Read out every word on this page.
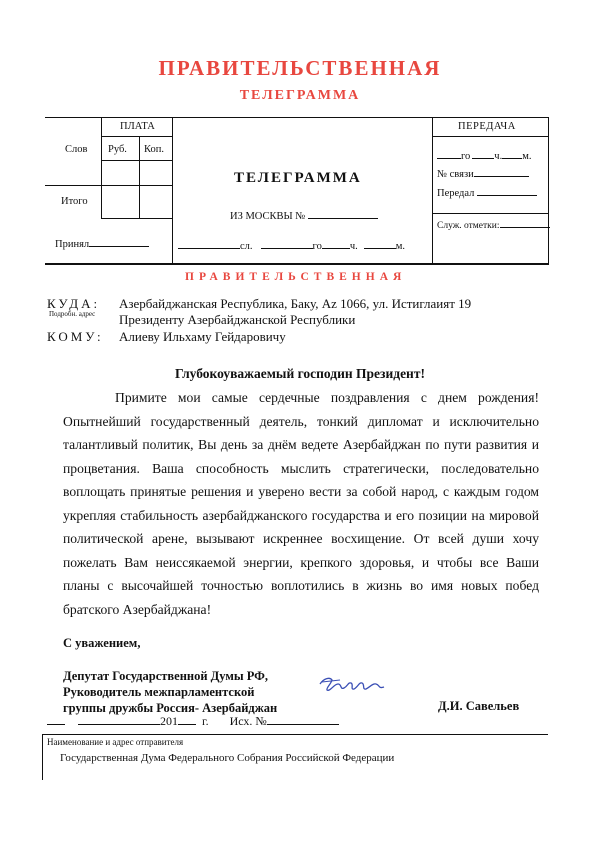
ПРАВИТЕЛЬСТВЕННАЯ
ТЕЛЕГРАММА
ПЛАТА
Слов Руб. Коп.
Итого
Принял
ТЕЛЕГРАММА
ИЗ МОСКВЫ №
сл.	го	ч.	м.
ПЕРЕДАЧА
го ч. м.
№ связи
Передал
Служ. отметки:
ПРАВИТЕЛЬСТВЕННАЯ
КУДА:
Подробн. адрес
Азербайджанская Республика, Баку, Az 1066, ул. Истиглаият 19
Президенту Азербайджанской Республики
КОМУ: Алиеву Ильхаму Гейдаровичу
Глубокоуважаемый господин Президент!
Примите мои самые сердечные поздравления с днем рождения! Опытнейший государственный деятель, тонкий дипломат и исключительно талантливый политик, Вы день за днём ведете Азербайджан по пути развития и процветания. Ваша способность мыслить стратегически, последовательно воплощать принятые решения и уверено вести за собой народ, с каждым годом укрепляя стабильность азербайджанского государства и его позиции на мировой политической арене, вызывают искреннее восхищение. От всей души хочу пожелать Вам неиссякаемой энергии, крепкого здоровья, и чтобы все Ваши планы с высочайшей точностью воплотились в жизнь во имя новых побед братского Азербайджана!
С уважением,
Депутат Государственной Думы РФ,
Руководитель межпарламентской
группы дружбы Россия- Азербайджан	Д.И. Савельев
201 г. Исх. №
Наименование и адрес отправителя
Государственная Дума Федерального Собрания Российской Федерации
